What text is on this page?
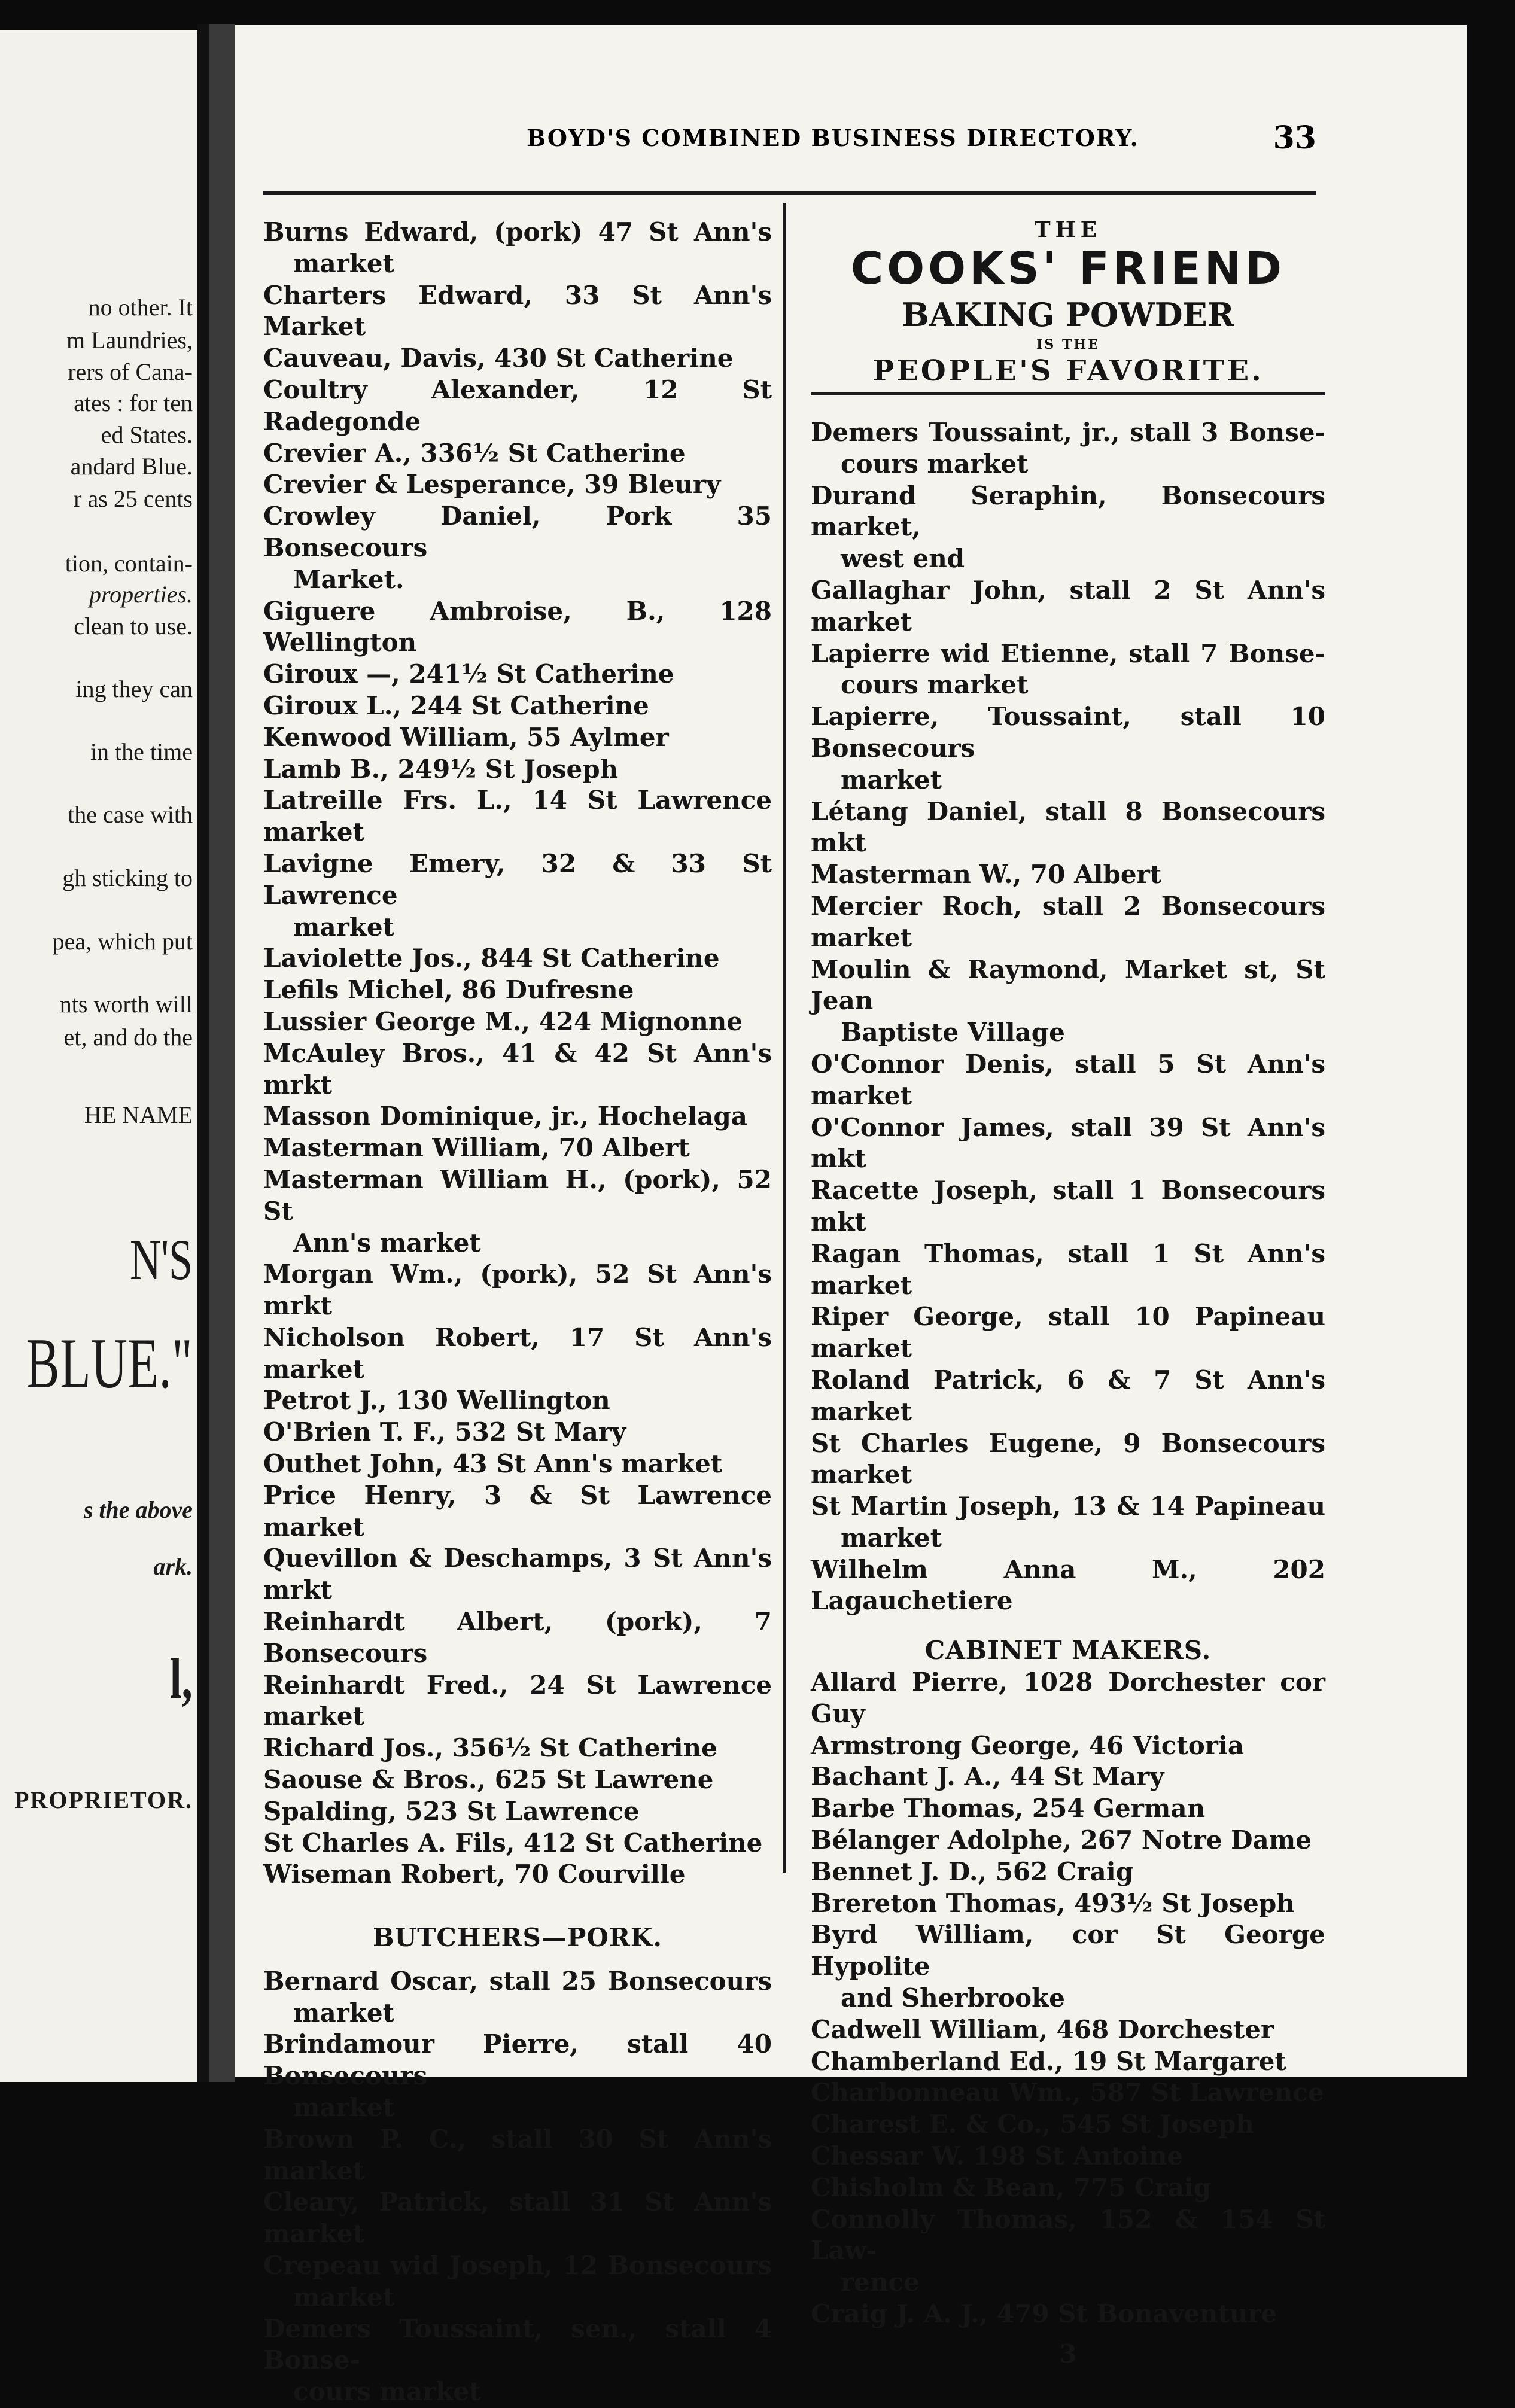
no other. It
m Laundries,
rers of Cana-
ates : for ten
ed States.
andard Blue.
r as 25 cents
tion, contain-
properties.
clean to use.
ing they can
in the time
the case with
gh sticking to
pea, which put
nts worth will
et, and do the
HE NAME
N'S
BLUE."
s the above
ark.
l,
PROPRIETOR.
BOYD'S COMBINED BUSINESS DIRECTORY.	33
Burns Edward, (pork) 47 St Ann's
market
Charters Edward, 33 St Ann's Market
Cauveau, Davis, 430 St Catherine
Coultry Alexander, 12 St Radegonde
Crevier A., 336½ St Catherine
Crevier & Lesperance, 39 Bleury
Crowley Daniel, Pork 35 Bonsecours
Market.
Giguere Ambroise, B., 128 Wellington
Giroux —, 241½ St Catherine
Giroux L., 244 St Catherine
Kenwood William, 55 Aylmer
Lamb B., 249½ St Joseph
Latreille Frs. L., 14 St Lawrence market
Lavigne Emery, 32 & 33 St Lawrence
market
Laviolette Jos., 844 St Catherine
Lefils Michel, 86 Dufresne
Lussier George M., 424 Mignonne
McAuley Bros., 41 & 42 St Ann's mrkt
Masson Dominique, jr., Hochelaga
Masterman William, 70 Albert
Masterman William H., (pork), 52 St
Ann's market
Morgan Wm., (pork), 52 St Ann's mrkt
Nicholson Robert, 17 St Ann's market
Petrot J., 130 Wellington
O'Brien T. F., 532 St Mary
Outhet John, 43 St Ann's market
Price Henry, 3 & St Lawrence market
Quevillon & Deschamps, 3 St Ann's mrkt
Reinhardt Albert, (pork), 7 Bonsecours
Reinhardt Fred., 24 St Lawrence market
Richard Jos., 356½ St Catherine
Saouse & Bros., 625 St Lawrene
Spalding, 523 St Lawrence
St Charles A. Fils, 412 St Catherine
Wiseman Robert, 70 Courville
BUTCHERS—PORK.
Bernard Oscar, stall 25 Bonsecours
market
Brindamour Pierre, stall 40 Bonsecours
market
Brown P. C., stall 30 St Ann's market
Cleary, Patrick, stall 31 St Ann's market
Crepeau wid Joseph, 12 Bonsecours
market
Demers Toussaint, sen., stall 4 Bonse-
cours market
THE
COOKS' FRIEND
BAKING POWDER
IS THE
PEOPLE'S FAVORITE.
Demers Toussaint, jr., stall 3 Bonse-
cours market
Durand Seraphin, Bonsecours market,
west end
Gallaghar John, stall 2 St Ann's market
Lapierre wid Etienne, stall 7 Bonse-
cours market
Lapierre, Toussaint, stall 10 Bonsecours
market
Létang Daniel, stall 8 Bonsecours mkt
Masterman W., 70 Albert
Mercier Roch, stall 2 Bonsecours market
Moulin & Raymond, Market st, St Jean
Baptiste Village
O'Connor Denis, stall 5 St Ann's market
O'Connor James, stall 39 St Ann's mkt
Racette Joseph, stall 1 Bonsecours mkt
Ragan Thomas, stall 1 St Ann's market
Riper George, stall 10 Papineau market
Roland Patrick, 6 & 7 St Ann's market
St Charles Eugene, 9 Bonsecours market
St Martin Joseph, 13 & 14 Papineau
market
Wilhelm Anna M., 202 Lagauchetiere
CABINET MAKERS.
Allard Pierre, 1028 Dorchester cor Guy
Armstrong George, 46 Victoria
Bachant J. A., 44 St Mary
Barbe Thomas, 254 German
Bélanger Adolphe, 267 Notre Dame
Bennet J. D., 562 Craig
Brereton Thomas, 493½ St Joseph
Byrd William, cor St George Hypolite
and Sherbrooke
Cadwell William, 468 Dorchester
Chamberland Ed., 19 St Margaret
Charbonneau Wm., 587 St Lawrence
Charest E. & Co., 545 St Joseph
Chessar W. 198 St Antoine
Chisholm & Bean, 775 Craig
Connolly Thomas, 152 & 154 St Law-
rence
Craig J. A. J., 479 St Bonaventure
3
